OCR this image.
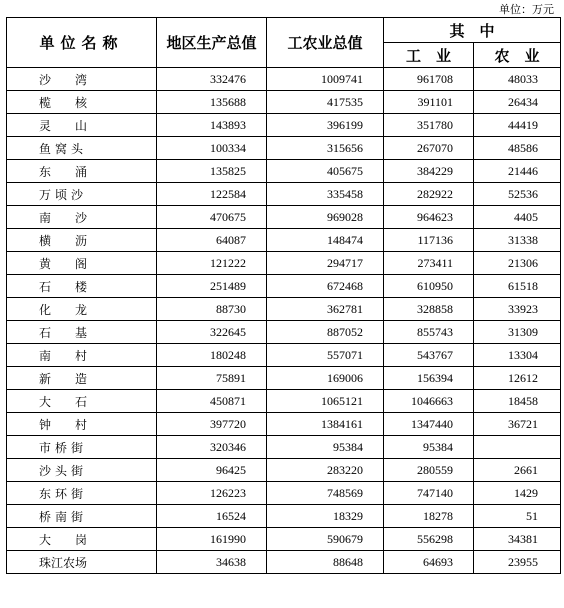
单位：万元
单位名称	地区生产总值	工农业总值	其　中	
			工　业	农　业
沙湾	332476	1009741	961708	48033
榄核	135688	417535	391101	26434
灵山	143893	396199	351780	44419
鱼窝头	100334	315656	267070	48586
东涌	135825	405675	384229	21446
万顷沙	122584	335458	282922	52536
南沙	470675	969028	964623	4405
横沥	64087	148474	117136	31338
黄阁	121222	294717	273411	21306
石楼	251489	672468	610950	61518
化龙	88730	362781	328858	33923
石基	322645	887052	855743	31309
南村	180248	557071	543767	13304
新造	75891	169006	156394	12612
大石	450871	1065121	1046663	18458
钟村	397720	1384161	1347440	36721
市桥街	320346	95384	95384	
沙头街	96425	283220	280559	2661
东环街	126223	748569	747140	1429
桥南街	16524	18329	18278	51
大岗	161990	590679	556298	34381
珠江农场	34638	88648	64693	23955
